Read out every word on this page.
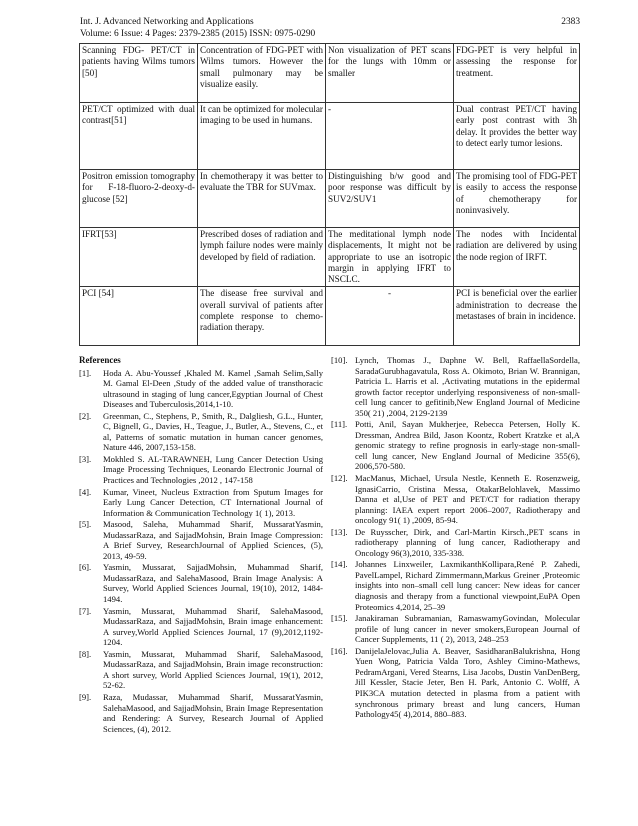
Int. J. Advanced Networking and Applications
Volume: 6 Issue: 4 Pages: 2379-2385 (2015) ISSN: 0975-0290
2383
Scanning FDG- PET/CT in patients having Wilms tumors [50]	Concentration of FDG-PET with Wilms tumors. However the small pulmonary may be visualize easily.	Non visualization of PET scans for the lungs with 10mm or smaller	FDG-PET is very helpful in assessing the response for treatment.
PET/CT optimized with dual contrast[51]	It can be optimized for molecular imaging to be used in humans.	-	Dual contrast PET/CT having early post contrast with 3h delay. It provides the better way to detect early tumor lesions.
Positron emission tomography for F-18-fluoro-2-deoxy-d-glucose [52]	In chemotherapy it was better to evaluate the TBR for SUVmax.	Distinguishing b/w good and poor response was difficult by SUV2/SUV1	The promising tool of FDG-PET is easily to access the response of chemotherapy for noninvasively.
IFRT[53]	Prescribed doses of radiation and lymph failure nodes were mainly developed by field of radiation.	The meditational lymph node displacements, It might not be appropriate to use an isotropic margin in applying IFRT to NSCLC.	The nodes with Incidental radiation are delivered by using the node region of IRFT.
PCI [54]	The disease free survival and overall survival of patients after complete response to chemo-radiation therapy.	-	PCI is beneficial over the earlier administration to decrease the metastases of brain in incidence.
References
[1].	Hoda A. Abu-Youssef ,Khaled M. Kamel ,Samah Selim,Sally M. Gamal El-Deen ,Study of the added value of transthoracic ultrasound in staging of lung cancer,Egyptian Journal of Chest Diseases and Tuberculosis,2014,1-10.
[2].	Greenman, C., Stephens, P., Smith, R., Dalgliesh, G.L., Hunter, C, Bignell, G., Davies, H., Teague, J., Butler, A., Stevens, C., et al, Patterns of somatic mutation in human cancer genomes, Nature 446, 2007,153-158.
[3].	Mokhled S. AL-TARAWNEH, Lung Cancer Detection Using Image Processing Techniques, Leonardo Electronic Journal of Practices and Technologies ,2012 , 147-158
[4].	Kumar, Vineet, Nucleus Extraction from Sputum Images for Early Lung Cancer Detection, CT International Journal of Information & Communication Technology 1( 1), 2013.
[5].	Masood, Saleha, Muhammad Sharif, MussaratYasmin, MudassarRaza, and SajjadMohsin, Brain Image Compression: A Brief Survey, ResearchJournal of Applied Sciences, (5), 2013, 49-59.
[6].	Yasmin, Mussarat, SajjadMohsin, Muhammad Sharif, MudassarRaza, and SalehaMasood, Brain Image Analysis: A Survey, World Applied Sciences Journal, 19(10), 2012, 1484-1494.
[7].	Yasmin, Mussarat, Muhammad Sharif, SalehaMasood, MudassarRaza, and SajjadMohsin, Brain image enhancement: A survey,World Applied Sciences Journal, 17 (9),2012,1192-1204.
[8].	Yasmin, Mussarat, Muhammad Sharif, SalehaMasood, MudassarRaza, and SajjadMohsin, Brain image reconstruction: A short survey, World Applied Sciences Journal, 19(1), 2012, 52-62.
[9].	Raza, Mudassar, Muhammad Sharif, MussaratYasmin, SalehaMasood, and SajjadMohsin, Brain Image Representation and Rendering: A Survey, Research Journal of Applied Sciences, (4), 2012.
[10]. Lynch, Thomas J., Daphne W. Bell, RaffaellaSordella, SaradaGurubhagavatula, Ross A. Okimoto, Brian W. Brannigan, Patricia L. Harris et al. ,Activating mutations in the epidermal growth factor receptor underlying responsiveness of non-small-cell lung cancer to gefitinib,New England Journal of Medicine 350( 21) ,2004, 2129-2139
[11]. Potti, Anil, Sayan Mukherjee, Rebecca Petersen, Holly K. Dressman, Andrea Bild, Jason Koontz, Robert Kratzke et al,A genomic strategy to refine prognosis in early-stage non-small-cell lung cancer, New England Journal of Medicine 355(6), 2006,570-580.
[12]. MacManus, Michael, Ursula Nestle, Kenneth E. Rosenzweig, IgnasiCarrio, Cristina Messa, OtakarBelohlavek, Massimo Danna et al,Use of PET and PET/CT for radiation therapy planning: IAEA expert report 2006–2007, Radiotherapy and oncology 91( 1) ,2009, 85-94.
[13]. De Ruysscher, Dirk, and Carl-Martin Kirsch.,PET scans in radiotherapy planning of lung cancer, Radiotherapy and Oncology 96(3),2010, 335-338.
[14]. Johannes Linxweiler, LaxmikanthKollipara,René P. Zahedi, PavelLampel, Richard Zimmermann,Markus Greiner ,Proteomic insights into non–small cell lung cancer: New ideas for cancer diagnosis and therapy from a functional viewpoint,EuPA Open Proteomics 4,2014, 25–39
[15]. Janakiraman Subramanian, RamaswamyGovindan, Molecular profile of lung cancer in never smokers,European Journal of Cancer Supplements, 11 ( 2), 2013, 248–253
[16]. DanijelaJelovac,Julia A. Beaver, SasidharanBalukrishna, Hong Yuen Wong, Patricia Valda Toro, Ashley Cimino-Mathews, PedramArgani, Vered Stearns, Lisa Jacobs, Dustin VanDenBerg, Jill Kessler, Stacie Jeter, Ben H. Park, Antonio C. Wolff, A PIK3CA mutation detected in plasma from a patient with synchronous primary breast and lung cancers, Human Pathology45( 4),2014, 880–883.
